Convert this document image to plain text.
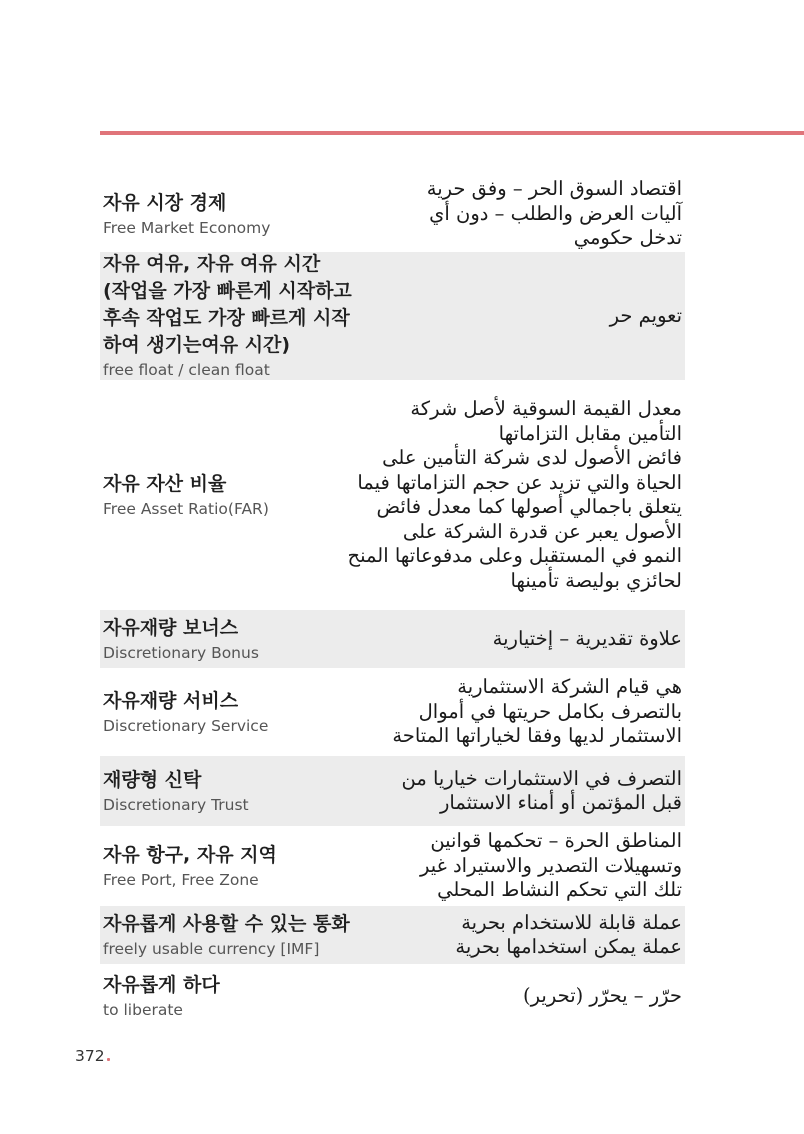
자유 시장 경제
Free Market Economy
اقتصاد السوق الحر – وفق حرية
آليات العرض والطلب – دون أي
تدخل حكومي
자유 여유, 자유 여유 시간
(작업을 가장 빠른게 시작하고
후속 작업도 가장 빠르게 시작
하여 생기는여유 시간)
free float / clean float
تعويم حر
자유 자산 비율
Free Asset Ratio(FAR)
معدل القيمة السوقية لأصل شركة
التأمين مقابل التزاماتها
فائض الأصول لدى شركة التأمين على
الحياة والتي تزيد عن حجم التزاماتها فيما
يتعلق باجمالي أصولها كما معدل فائض
الأصول يعبر عن قدرة الشركة على
النمو في المستقبل وعلى مدفوعاتها المنح
لحائزي بوليصة تأمينها
자유재량 보너스
Discretionary Bonus
علاوة تقديرية – إختيارية
자유재량 서비스
Discretionary Service
هي قيام الشركة الاستثمارية
بالتصرف بكامل حريتها في أموال
الاستثمار لديها وفقا لخياراتها المتاحة
재량형 신탁
Discretionary Trust
التصرف في الاستثمارات خياريا من
قبل المؤتمن أو أمناء الاستثمار
자유 항구, 자유 지역
Free Port, Free Zone
المناطق الحرة – تحكمها قوانين
وتسهيلات التصدير والاستيراد غير
تلك التي تحكم النشاط المحلي
자유롭게 사용할 수 있는 통화
freely usable currency [IMF]
عملة قابلة للاستخدام بحرية
عملة يمكن استخدامها بحرية
자유롭게 하다
to liberate
حرّر – يحرّر (تحرير)
372
